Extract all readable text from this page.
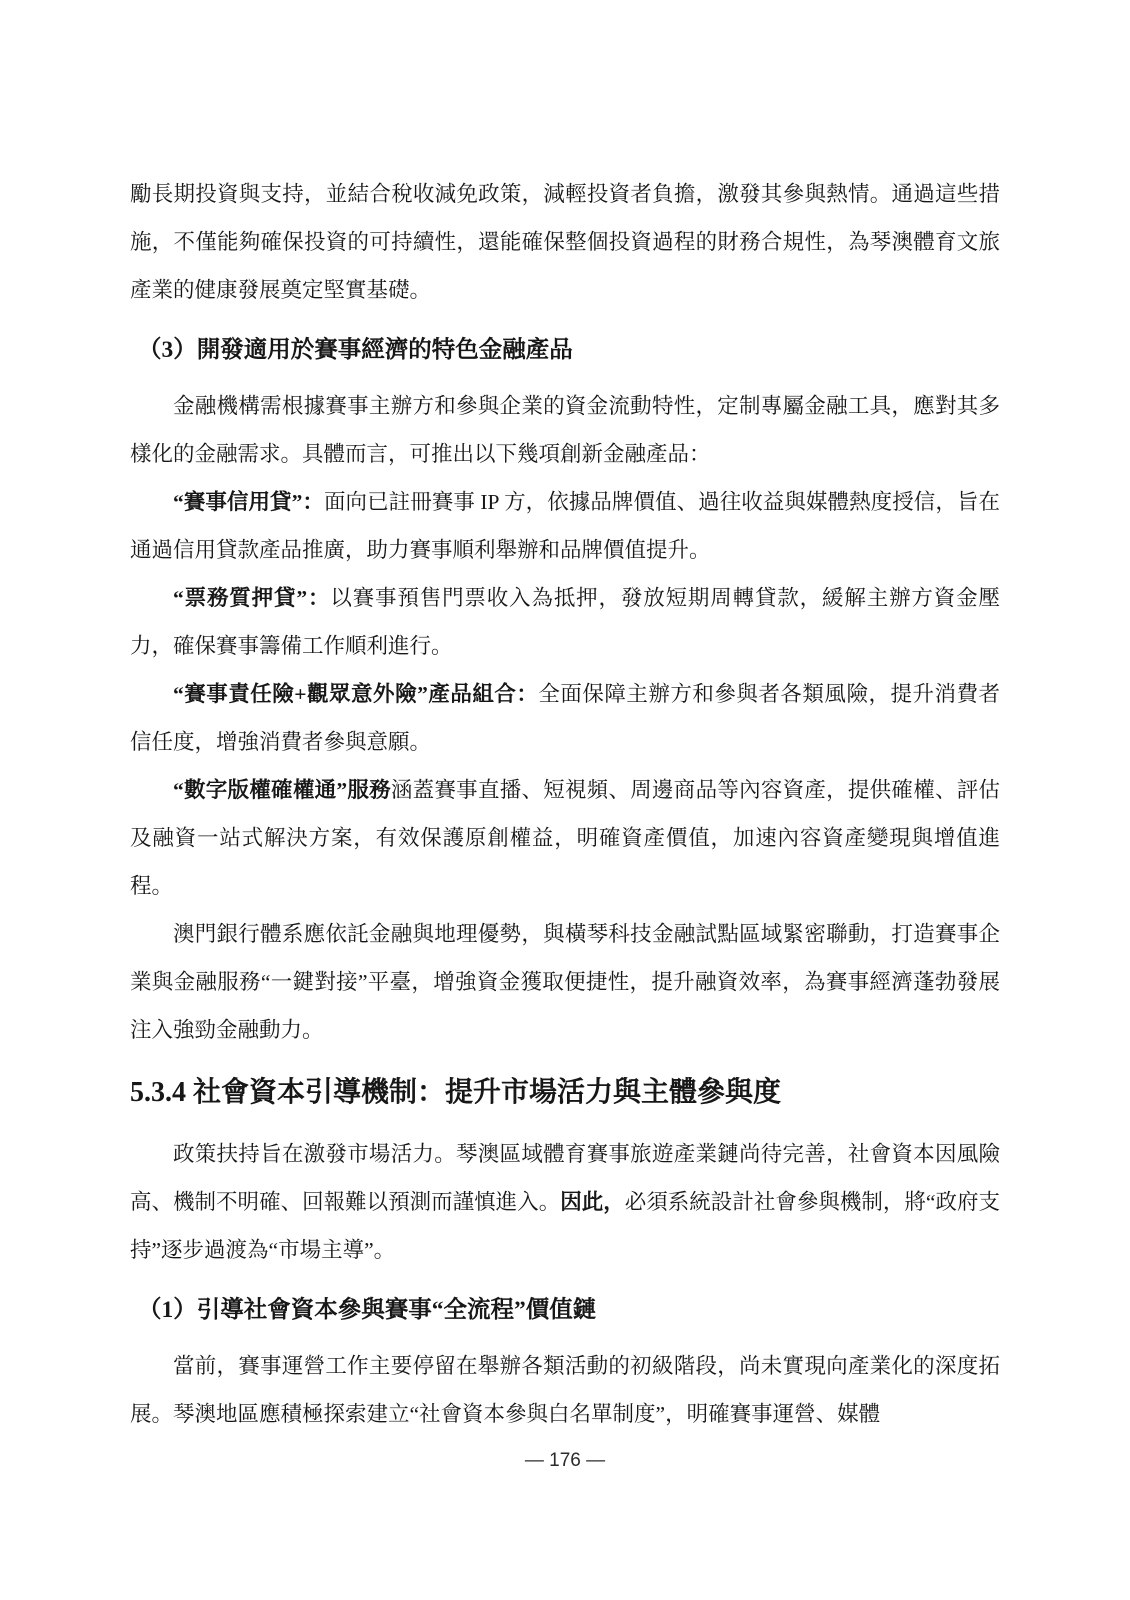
勵長期投資與支持，並結合稅收減免政策，減輕投資者負擔，激發其參與熱情。通過這些措施，不僅能夠確保投資的可持續性，還能確保整個投資過程的財務合規性，為琴澳體育文旅產業的健康發展奠定堅實基礎。

（3）開發適用於賽事經濟的特色金融產品

金融機構需根據賽事主辦方和參與企業的資金流動特性，定制專屬金融工具，應對其多樣化的金融需求。具體而言，可推出以下幾項創新金融產品：

“賽事信用貸”：面向已註冊賽事 IP 方，依據品牌價值、過往收益與媒體熱度授信，旨在通過信用貸款產品推廣，助力賽事順利舉辦和品牌價值提升。

“票務質押貸”：以賽事預售門票收入為抵押，發放短期周轉貸款，緩解主辦方資金壓力，確保賽事籌備工作順利進行。

“賽事責任險+觀眾意外險”產品組合：全面保障主辦方和參與者各類風險，提升消費者信任度，增強消費者參與意願。

“數字版權確權通”服務涵蓋賽事直播、短視頻、周邊商品等內容資產，提供確權、評估及融資一站式解決方案，有效保護原創權益，明確資產價值，加速內容資產變現與增值進程。

澳門銀行體系應依託金融與地理優勢，與橫琴科技金融試點區域緊密聯動，打造賽事企業與金融服務“一鍵對接”平臺，增強資金獲取便捷性，提升融資效率，為賽事經濟蓬勃發展注入強勁金融動力。

5.3.4 社會資本引導機制：提升市場活力與主體參與度

政策扶持旨在激發市場活力。琴澳區域體育賽事旅遊產業鏈尚待完善，社會資本因風險高、機制不明確、回報難以預測而謹慎進入。因此，必須系統設計社會參與機制，將“政府支持”逐步過渡為“市場主導”。

（1）引導社會資本參與賽事“全流程”價值鏈

當前，賽事運營工作主要停留在舉辦各類活動的初級階段，尚未實現向產業化的深度拓展。琴澳地區應積極探索建立“社會資本參與白名單制度”，明確賽事運營、媒體

— 176 —
